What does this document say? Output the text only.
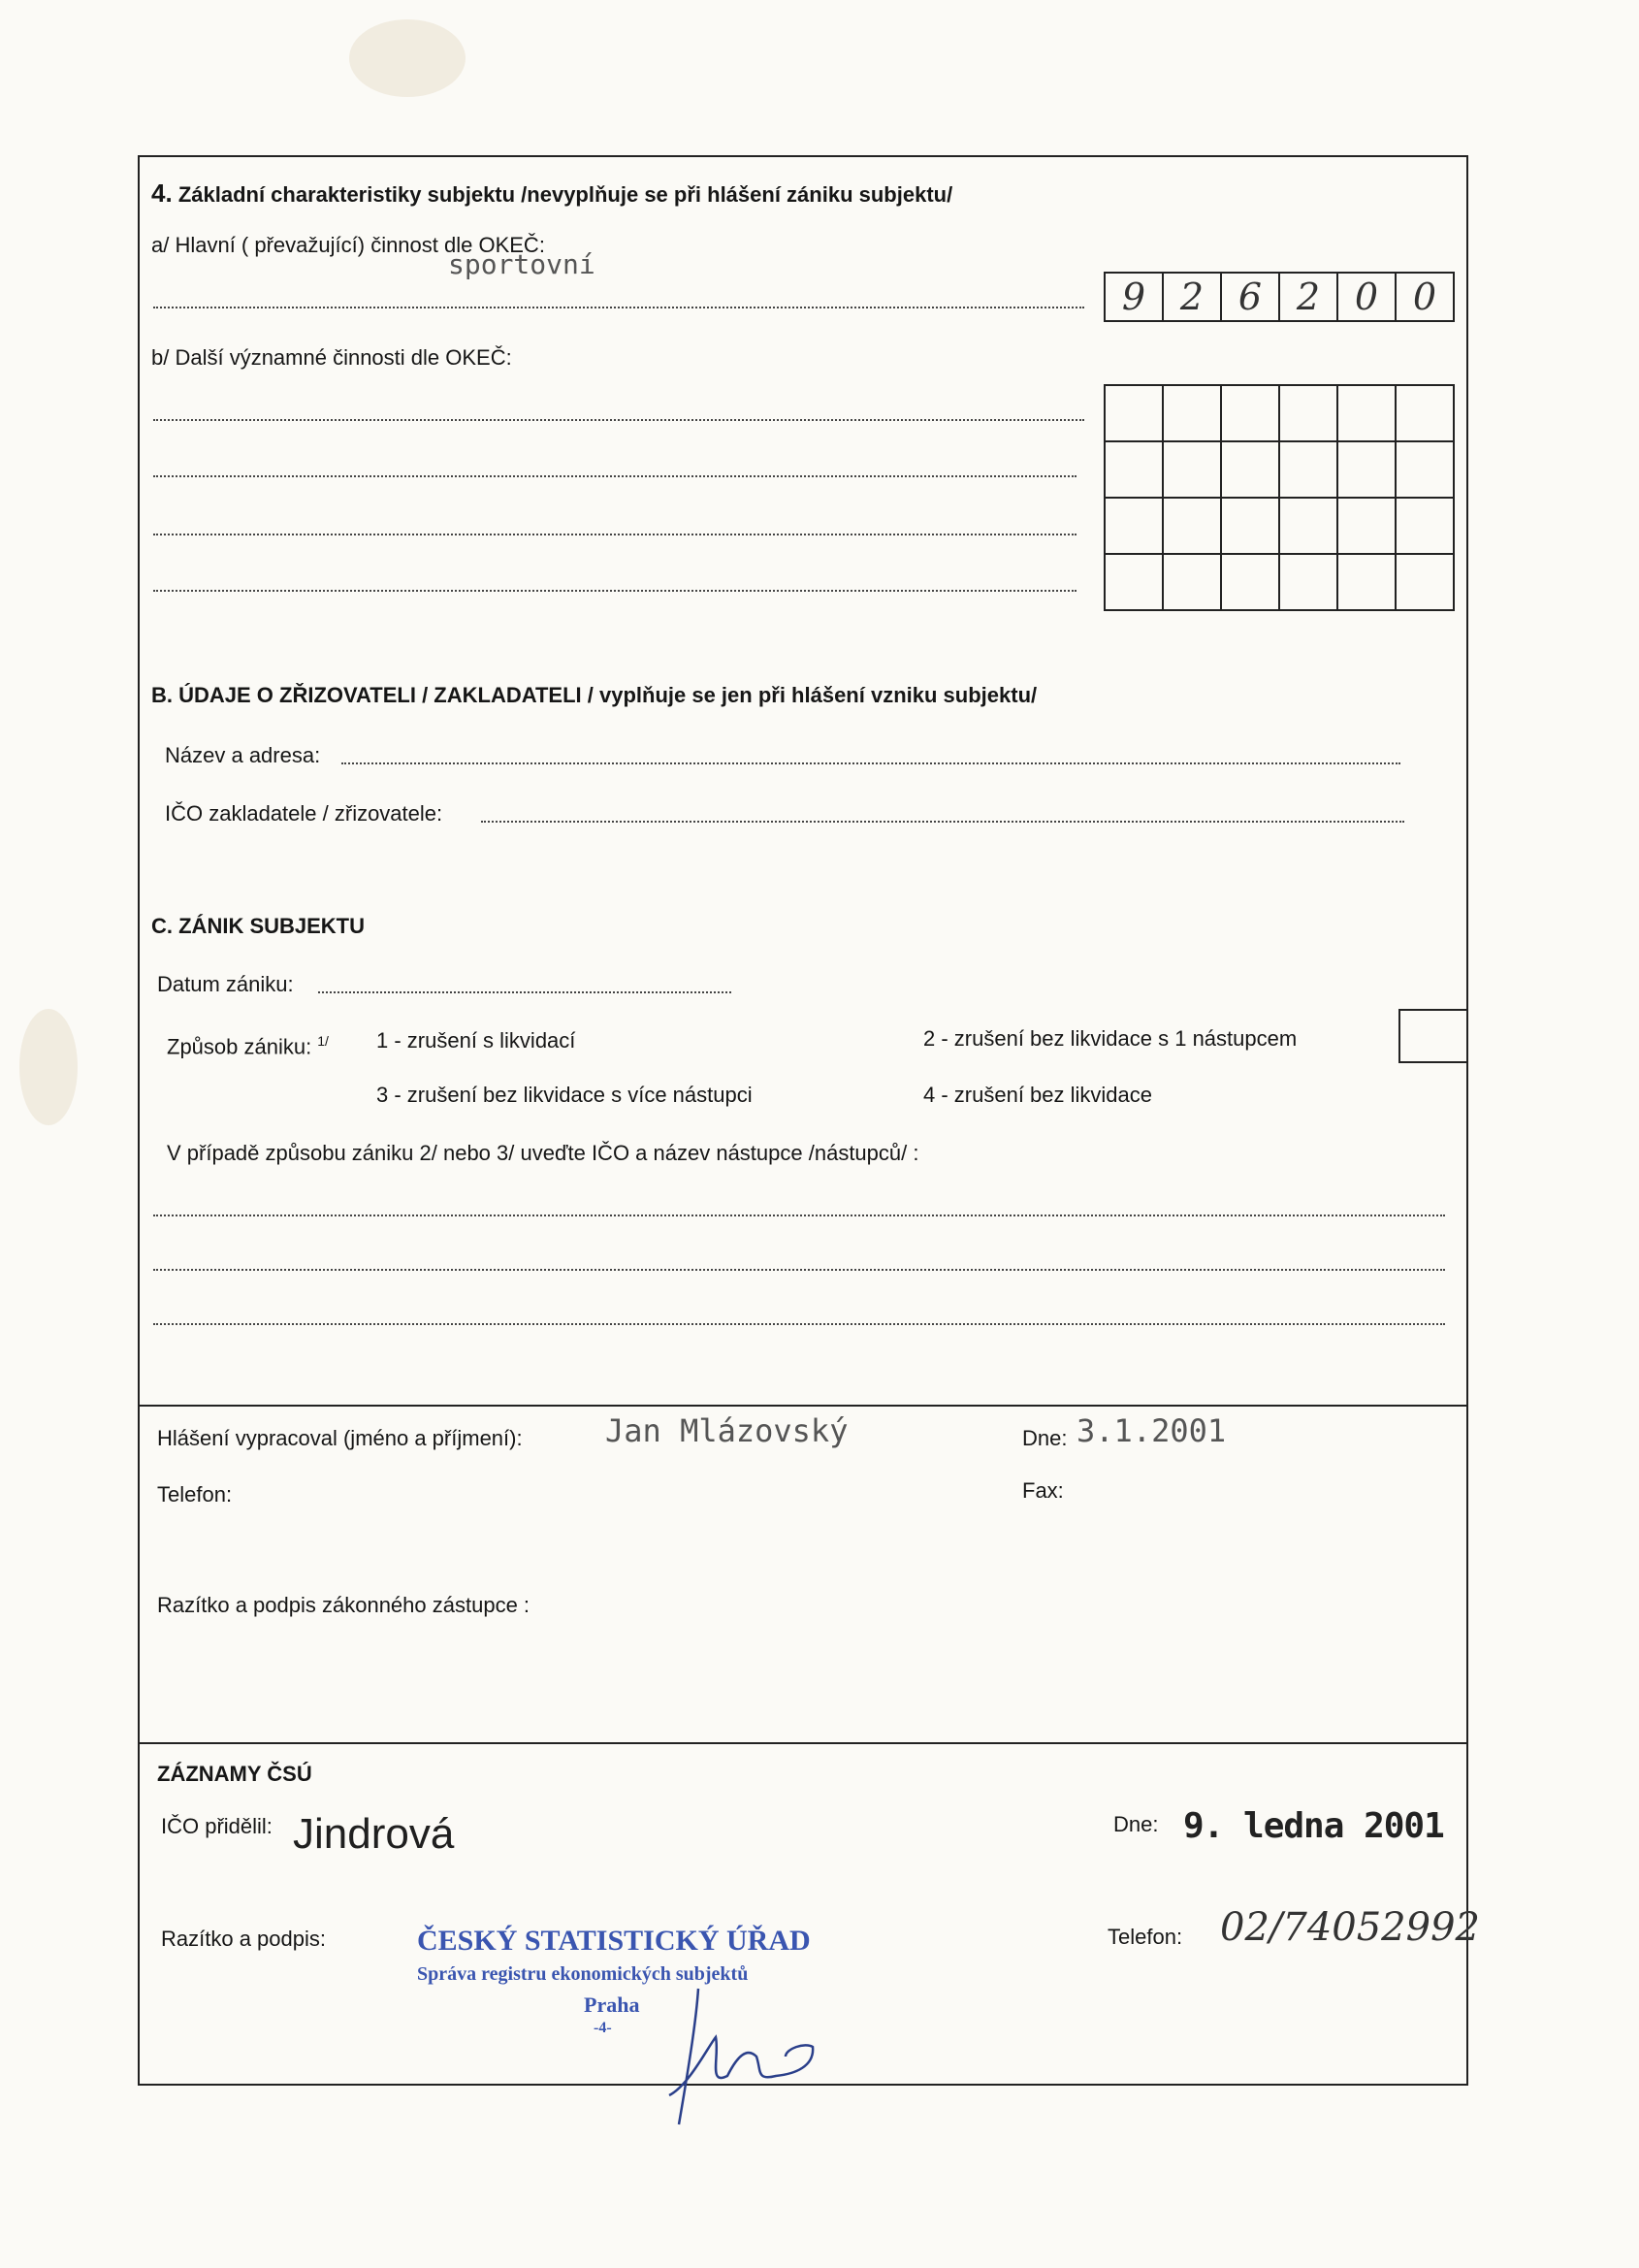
4. Základní charakteristiky subjektu /nevyplňuje se při hlášení zániku subjektu/
a/ Hlavní ( převažující) činnost dle OKEČ:
sportovní
9	2	6	2	0	0
b/ Další významné činnosti dle OKEČ:

B. ÚDAJE O ZŘIZOVATELI / ZAKLADATELI / vyplňuje se jen při hlášení vzniku subjektu/
Název a adresa:
IČO zakladatele / zřizovatele:
C. ZÁNIK SUBJEKTU
Datum zániku:
Způsob zániku: $^{1/}$ 1 - zrušení s likvidací	2 - zrušení bez likvidace s 1 nástupcem
3 - zrušení bez likvidace s více nástupci	4 - zrušení bez likvidace
V případě způsobu zániku 2/ nebo 3/ uveďte IČO a název nástupce /nástupců/ :
Hlášení vypracoval (jméno a příjmení):	Jan Mlázovský	Dne: 3.1.2001
Telefon:	Fax:
Razítko a podpis zákonného zástupce :
ZÁZNAMY ČSÚ
IČO přidělil: Jindrová	Dne: 9. ledna 2001
Razítko a podpis:	Telefon: 02/74052992
ČESKÝ STATISTICKÝ ÚŘAD
Správa registru ekonomických subjektů
Praha
-4-
